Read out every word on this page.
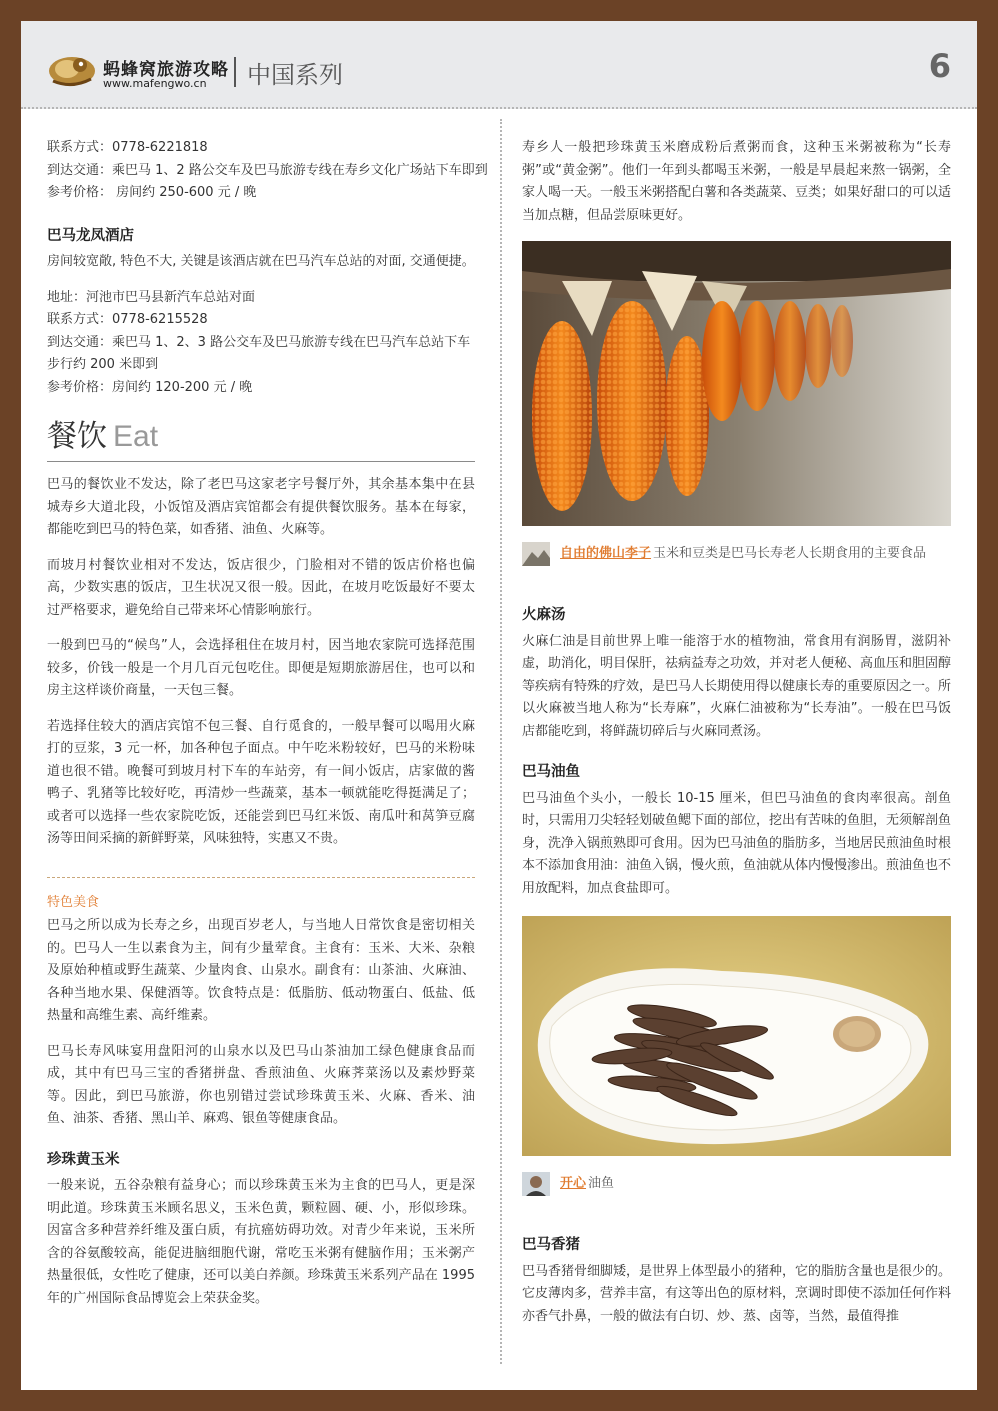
蚂蜂窝旅游攻略
www.mafengwo.cn 中国系列	6
联系方式：0778-6221818
到达交通：乘巴马 1、2 路公交车及巴马旅游专线在寿乡文化广场站下车即到
参考价格： 房间约 250-600 元 / 晚
巴马龙凤酒店

房间较宽敞, 特色不大, 关键是该酒店就在巴马汽车总站的对面, 交通便捷。

地址：河池市巴马县新汽车总站对面
联系方式：0778-6215528
到达交通：乘巴马 1、2、3 路公交车及巴马旅游专线在巴马汽车总站下车步行约 200 米即到
参考价格：房间约 120-200 元 / 晚
餐饮 Eat

巴马的餐饮业不发达，除了老巴马这家老字号餐厅外，其余基本集中在县城寿乡大道北段，小饭馆及酒店宾馆都会有提供餐饮服务。基本在每家，都能吃到巴马的特色菜，如香猪、油鱼、火麻等。

而坡月村餐饮业相对不发达，饭店很少，门脸相对不错的饭店价格也偏高，少数实惠的饭店，卫生状况又很一般。因此，在坡月吃饭最好不要太过严格要求，避免给自己带来坏心情影响旅行。

一般到巴马的“候鸟”人，会选择租住在坡月村，因当地农家院可选择范围较多，价钱一般是一个月几百元包吃住。即便是短期旅游居住，也可以和房主这样谈价商量，一天包三餐。

若选择住较大的酒店宾馆不包三餐、自行觅食的，一般早餐可以喝用火麻打的豆浆，3 元一杯，加各种包子面点。中午吃米粉较好，巴马的米粉味道也很不错。晚餐可到坡月村下车的车站旁，有一间小饭店，店家做的酱鸭子、乳猪等比较好吃，再清炒一些蔬菜，基本一顿就能吃得挺满足了；或者可以选择一些农家院吃饭，还能尝到巴马红米饭、南瓜叶和莴笋豆腐汤等田间采摘的新鲜野菜，风味独特，实惠又不贵。

特色美食

巴马之所以成为长寿之乡，出现百岁老人，与当地人日常饮食是密切相关的。巴马人一生以素食为主，间有少量荤食。主食有：玉米、大米、杂粮及原始种植或野生蔬菜、少量肉食、山泉水。副食有：山茶油、火麻油、各种当地水果、保健酒等。饮食特点是：低脂肪、低动物蛋白、低盐、低热量和高维生素、高纤维素。

巴马长寿风味宴用盘阳河的山泉水以及巴马山茶油加工绿色健康食品而成，其中有巴马三宝的香猪拼盘、香煎油鱼、火麻荠菜汤以及素炒野菜等。因此，到巴马旅游，你也别错过尝试珍珠黄玉米、火麻、香米、油鱼、油茶、香猪、黑山羊、麻鸡、银鱼等健康食品。

珍珠黄玉米

一般来说，五谷杂粮有益身心；而以珍珠黄玉米为主食的巴马人，更是深明此道。珍珠黄玉米顾名思义，玉米色黄，颗粒圆、硬、小，形似珍珠。因富含多种营养纤维及蛋白质，有抗癌妨碍功效。对青少年来说，玉米所含的谷氨酸较高，能促进脑细胞代谢，常吃玉米粥有健脑作用；玉米粥产热量很低，女性吃了健康，还可以美白养颜。珍珠黄玉米系列产品在 1995 年的广州国际食品博览会上荣获金奖。

寿乡人一般把珍珠黄玉米磨成粉后煮粥而食，这种玉米粥被称为“长寿粥”或“黄金粥”。他们一年到头都喝玉米粥，一般是早晨起来熬一锅粥，全家人喝一天。一般玉米粥搭配白薯和各类蔬菜、豆类；如果好甜口的可以适当加点糖，但品尝原味更好。

自由的佛山李子 玉米和豆类是巴马长寿老人长期食用的主要食品
火麻汤

火麻仁油是目前世界上唯一能溶于水的植物油，常食用有润肠胃，滋阴补虚，助消化，明目保肝，祛病益寿之功效，并对老人便秘、高血压和胆固醇等疾病有特殊的疗效，是巴马人长期使用得以健康长寿的重要原因之一。所以火麻被当地人称为“长寿麻”，火麻仁油被称为“长寿油”。一般在巴马饭店都能吃到，将鲜蔬切碎后与火麻同煮汤。

巴马油鱼

巴马油鱼个头小，一般长 10-15 厘米，但巴马油鱼的食肉率很高。剖鱼时，只需用刀尖轻轻划破鱼鳃下面的部位，挖出有苦味的鱼胆，无须解剖鱼身，洗净入锅煎熟即可食用。因为巴马油鱼的脂肪多，当地居民煎油鱼时根本不添加食用油：油鱼入锅，慢火煎，鱼油就从体内慢慢渗出。煎油鱼也不用放配料，加点食盐即可。

开心 油鱼
巴马香猪

巴马香猪骨细脚矮，是世界上体型最小的猪种，它的脂肪含量也是很少的。它皮薄肉多，营养丰富，有这等出色的原材料，烹调时即使不添加任何作料亦香气扑鼻，一般的做法有白切、炒、蒸、卤等，当然，最值得推
